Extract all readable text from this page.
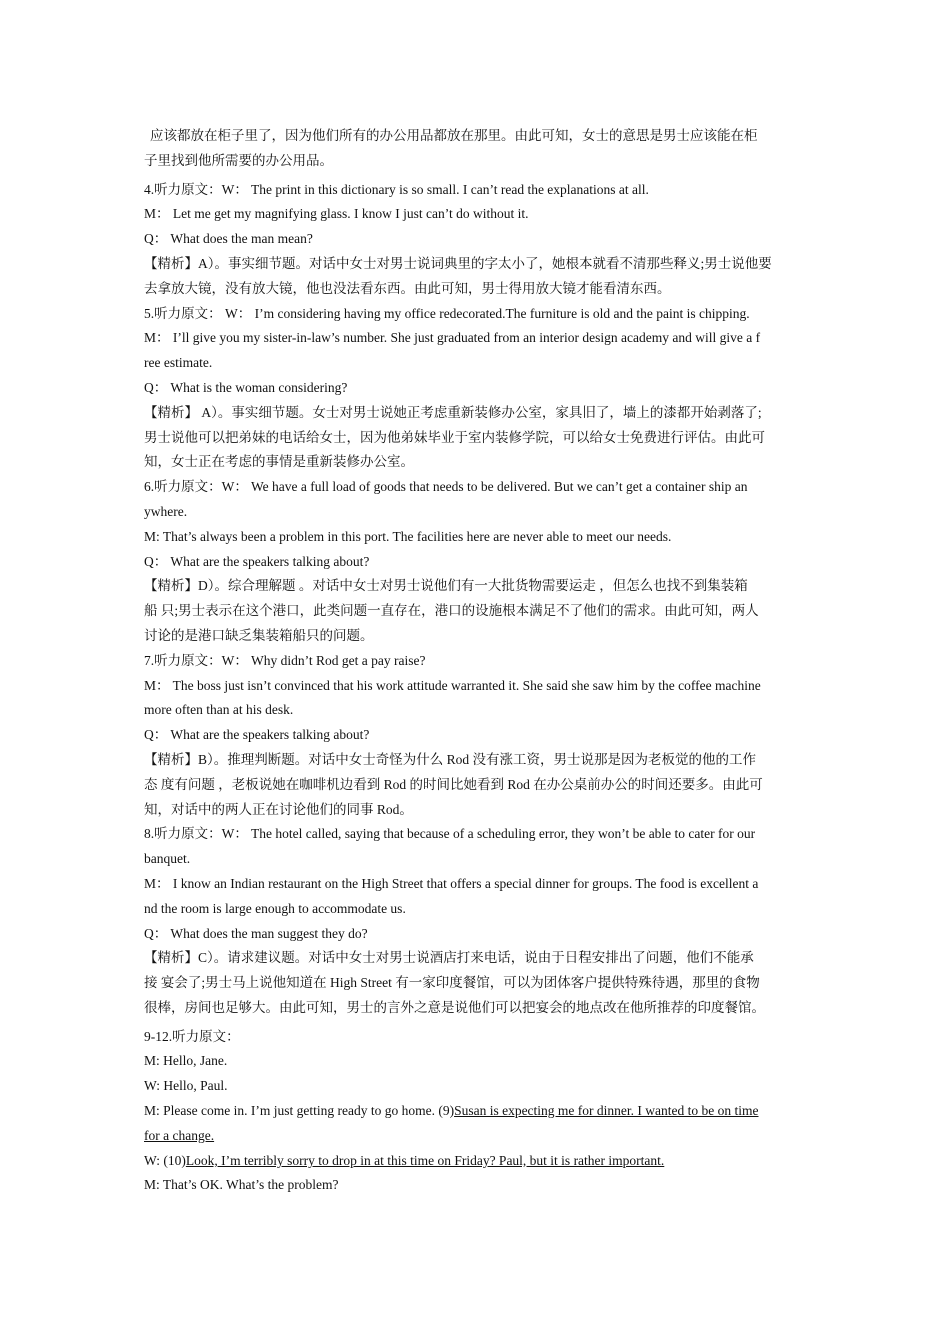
应该都放在柜子里了，因为他们所有的办公用品都放在那里。由此可知，女士的意思是男士应该能在柜
子里找到他所需要的办公用品。
4.听力原文：W： The print in this dictionary is so small. I can’t read the explanations at all.
M： Let me get my magnifying glass. I know I just can’t do without it.
Q： What does the man mean?
【精析】A）。事实细节题。对话中女士对男士说词典里的字太小了，她根本就看不清那些释义;男士说他要
去拿放大镜，没有放大镜，他也没法看东西。由此可知，男士得用放大镜才能看清东西。
5.听力原文： W： I’m considering having my office redecorated.The furniture is old and the paint is chipping.
M： I’ll give you my sister-in-law’s number. She just graduated from an interior design academy and will give a f
ree estimate.
Q： What is the woman considering?
【精析】 A）。事实细节题。女士对男士说她正考虑重新装修办公室，家具旧了，墙上的漆都开始剥落了;
男士说他可以把弟妹的电话给女士，因为他弟妹毕业于室内装修学院，可以给女士免费进行评估。由此可
知，女士正在考虑的事情是重新装修办公室。
6.听力原文：W： We have a full load of goods that needs to be delivered. But we can’t get a container ship an
ywhere.
M: That’s always been a problem in this port. The facilities here are never able to meet our needs.
Q： What are the speakers talking about?
【精析】D）。综合理解题 。对话中女士对男士说他们有一大批货物需要运走 ，但怎么也找不到集装箱
船 只;男士表示在这个港口，此类问题一直存在，港口的设施根本满足不了他们的需求。由此可知，两人
讨论的是港口缺乏集装箱船只的问题。
7.听力原文：W： Why didn’t Rod get a pay raise?
M： The boss just isn’t convinced that his work attitude warranted it. She said she saw him by the coffee machine
more often than at his desk.
Q： What are the speakers talking about?
【精析】B）。推理判断题。对话中女士奇怪为什么 Rod 没有涨工资，男士说那是因为老板觉的他的工作
态 度有问题 ，老板说她在咖啡机边看到 Rod 的时间比她看到 Rod 在办公桌前办公的时间还要多。由此可
知，对话中的两人正在讨论他们的同事 Rod。
8.听力原文：W： The hotel called, saying that because of a scheduling error, they won’t be able to cater for our
banquet.
M： I know an Indian restaurant on the High Street that offers a special dinner for groups. The food is excellent a
nd the room is large enough to accommodate us.
Q： What does the man suggest they do?
【精析】C）。请求建议题。对话中女士对男士说酒店打来电话，说由于日程安排出了问题，他们不能承
接 宴会了;男士马上说他知道在 High Street 有一家印度餐馆，可以为团体客户提供特殊待遇，那里的食物
很棒，房间也足够大。由此可知，男士的言外之意是说他们可以把宴会的地点改在他所推荐的印度餐馆。
9-12.听力原文：
M: Hello, Jane.
W: Hello, Paul.
M: Please come in. I’m just getting ready to go home. (9)Susan is expecting me for dinner. I wanted to be on time
for a change.
W: (10)Look, I’m terribly sorry to drop in at this time on Friday? Paul, but it is rather important.
M: That’s OK. What’s the problem?
